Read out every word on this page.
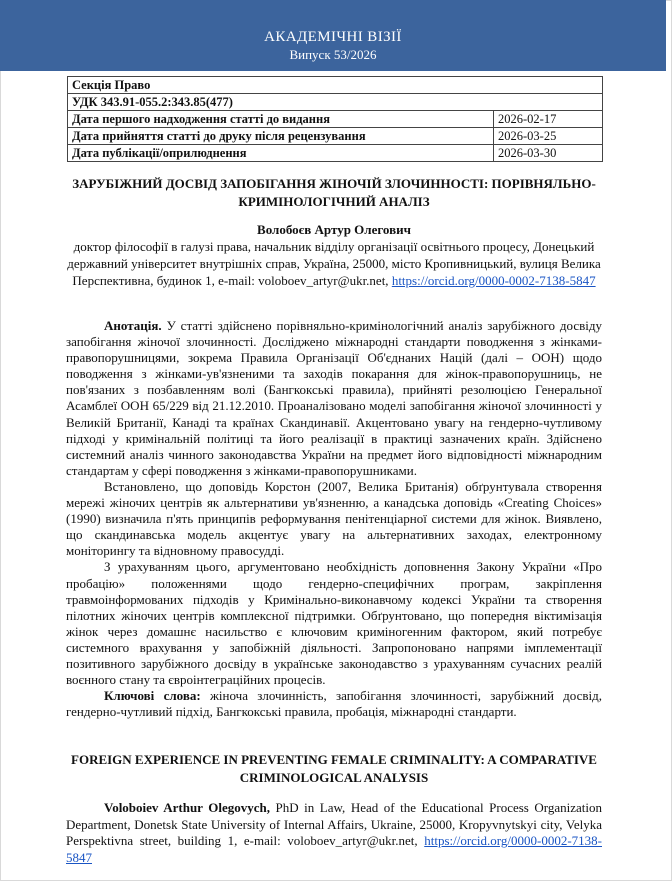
АКАДЕМІЧНІ ВІЗІЇ
Випуск 53/2026
Секція Право	
УДК 343.91-055.2:343.85(477)	
Дата першого надходження статті до видання	2026-02-17
Дата прийняття статті до друку після рецензування	2026-03-25
Дата публікації/оприлюднення	2026-03-30
ЗАРУБІЖНИЙ ДОСВІД ЗАПОБІГАННЯ ЖІНОЧІЙ ЗЛОЧИННОСТІ: ПОРІВНЯЛЬНО-КРИМІНОЛОГІЧНИЙ АНАЛІЗ
Волобоєв Артур Олегович
доктор філософії в галузі права, начальник відділу організації освітнього процесу, Донецький державний університет внутрішніх справ, Україна, 25000, місто Кропивницький, вулиця Велика Перспективна, будинок 1, e-mail: voloboev_artyr@ukr.net, https://orcid.org/0000-0002-7138-5847

Анотація. У статті здійснено порівняльно-кримінологічний аналіз зарубіжного досвіду запобігання жіночої злочинності. Досліджено міжнародні стандарти поводження з жінками-правопорушницями, зокрема Правила Організації Об'єднаних Націй (далі – ООН) щодо поводження з жінками-ув'язненими та заходів покарання для жінок-правопорушниць, не пов'язаних з позбавленням волі (Бангкокські правила), прийняті резолюцією Генеральної Асамблеї ООН 65/229 від 21.12.2010. Проаналізовано моделі запобігання жіночої злочинності у Великій Британії, Канаді та країнах Скандинавії. Акцентовано увагу на гендерно-чутливому підході у кримінальній політиці та його реалізації в практиці зазначених країн. Здійснено системний аналіз чинного законодавства України на предмет його відповідності міжнародним стандартам у сфері поводження з жінками-правопорушниками.

Встановлено, що доповідь Корстон (2007, Велика Британія) обґрунтувала створення мережі жіночих центрів як альтернативи ув'язненню, а канадська доповідь «Creating Choices» (1990) визначила п'ять принципів реформування пенітенціарної системи для жінок. Виявлено, що скандинавська модель акцентує увагу на альтернативних заходах, електронному моніторингу та відновному правосудді.

З урахуванням цього, аргументовано необхідність доповнення Закону України «Про пробацію» положеннями щодо гендерно-специфічних програм, закріплення травмоінформованих підходів у Кримінально-виконавчому кодексі України та створення пілотних жіночих центрів комплексної підтримки. Обґрунтовано, що попередня віктимізація жінок через домашнє насильство є ключовим криміногенним фактором, який потребує системного врахування у запобіжній діяльності. Запропоновано напрями імплементації позитивного зарубіжного досвіду в українське законодавство з урахуванням сучасних реалій воєнного стану та євроінтеграційних процесів.

Ключові слова: жіноча злочинність, запобігання злочинності, зарубіжний досвід, гендерно-чутливий підхід, Бангкокські правила, пробація, міжнародні стандарти.

FOREIGN EXPERIENCE IN PREVENTING FEMALE CRIMINALITY: A COMPARATIVE CRIMINOLOGICAL ANALYSIS
Voloboiev Arthur Olegovych, PhD in Law, Head of the Educational Process Organization Department, Donetsk State University of Internal Affairs, Ukraine, 25000, Kropyvnytskyi city, Velyka Perspektivna street, building 1, e-mail: voloboev_artyr@ukr.net, https://orcid.org/0000-0002-7138-5847
